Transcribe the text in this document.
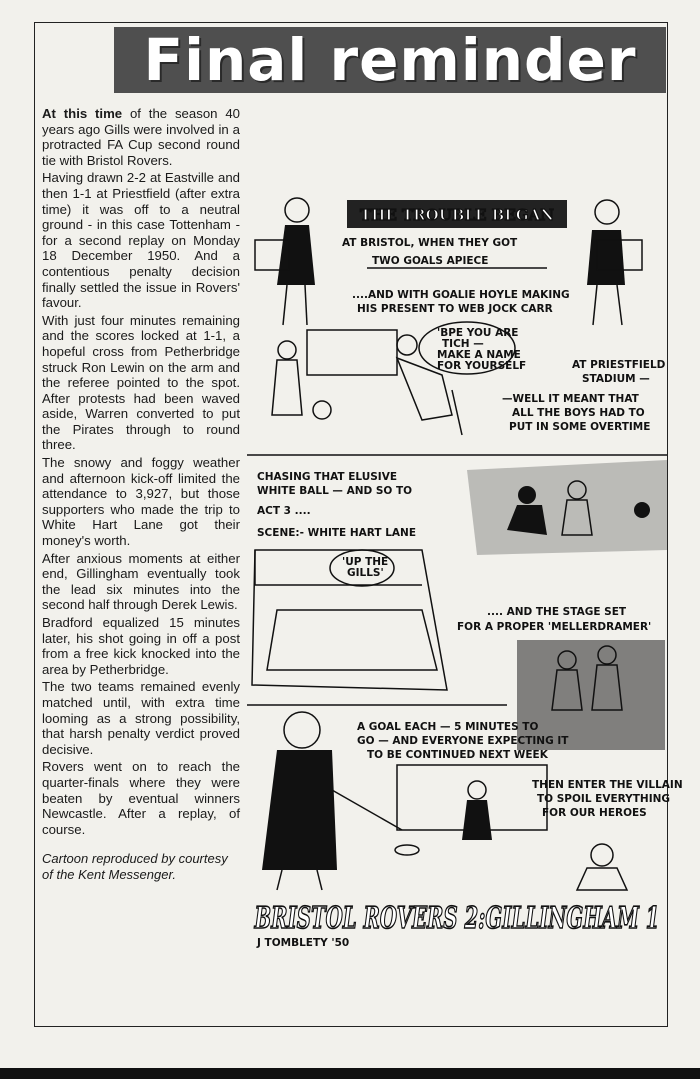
Final reminder

At this time of the season 40 years ago Gills were involved in a protracted FA Cup second round tie with Bristol Rovers.

Having drawn 2-2 at Eastville and then 1-1 at Priestfield (after extra time) it was off to a neutral ground - in this case Tottenham - for a second replay on Monday 18 December 1950. And a contentious penalty decision finally settled the issue in Rovers' favour.

With just four minutes remaining and the scores locked at 1-1, a hopeful cross from Petherbridge struck Ron Lewin on the arm and the referee pointed to the spot. After protests had been waved aside, Warren converted to put the Pirates through to round three.

The snowy and foggy weather and afternoon kick-off limited the attendance to 3,927, but those supporters who made the trip to White Hart Lane got their money's worth.

After anxious moments at either end, Gillingham eventually took the lead six minutes into the second half through Derek Lewis.

Bradford equalized 15 minutes later, his shot going in off a post from a free kick knocked into the area by Petherbridge.

The two teams remained evenly matched until, with extra time looming as a strong possibility, that harsh penalty verdict proved decisive.

Rovers went on to reach the quarter-finals where they were beaten by eventual winners Newcastle. After a replay, of course.

Cartoon reproduced by courtesy of the Kent Messenger.

THE TROUBLE BEGAN
AT BRISTOL, WHEN THEY GOT
TWO GOALS APIECE
....AND WITH GOALIE HOYLE MAKING
HIS PRESENT TO WEB JOCK CARR
'BPE YOU ARE
TICH —
MAKE A NAME
FOR YOURSELF	AT PRIESTFIELD
STADIUM —
—WELL IT MEANT THAT
ALL THE BOYS HAD TO
PUT IN SOME OVERTIME
CHASING THAT ELUSIVE
WHITE BALL — AND SO TO
ACT 3 ....
SCENE:- WHITE HART LANE
'UP THE
GILLS'
.... AND THE STAGE SET
FOR A PROPER 'MELLERDRAMER'
A GOAL EACH — 5 MINUTES TO
GO — AND EVERYONE EXPECTING IT
TO BE CONTINUED NEXT WEEK
THEN ENTER THE VILLAIN
TO SPOIL EVERYTHING
FOR OUR HEROES
BRISTOL ROVERS 2:GILLINGHAM 1
J TOMBLETY '50
